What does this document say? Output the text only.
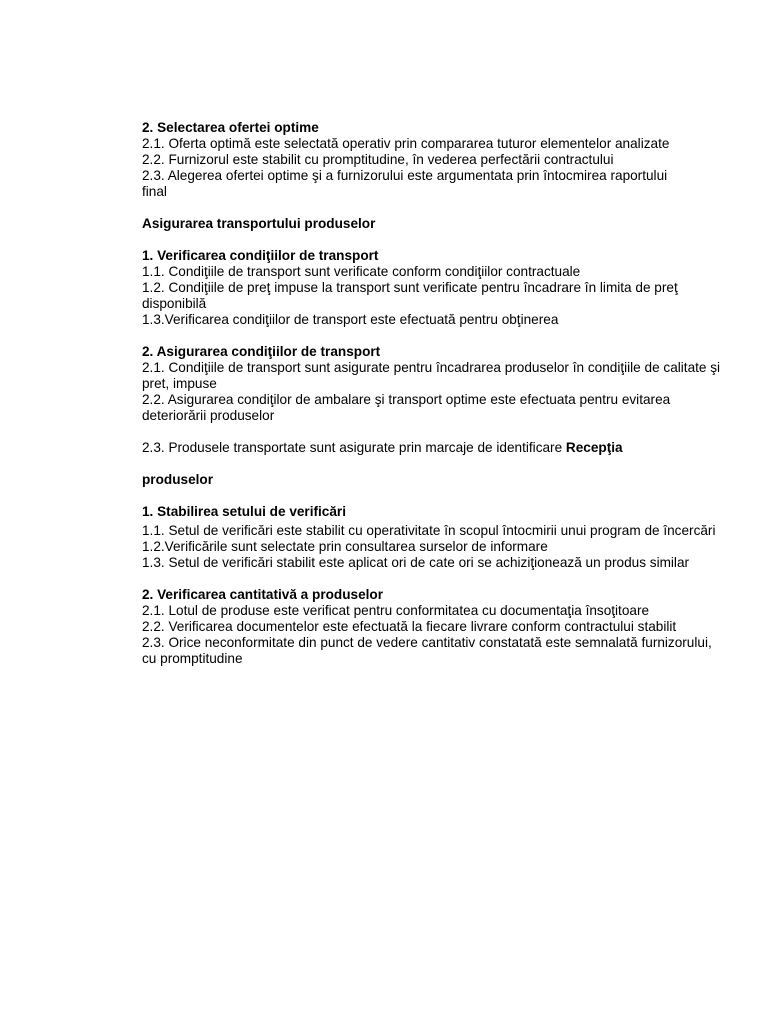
2. Selectarea ofertei optime

2.1. Oferta optimă este selectată operativ prin compararea tuturor elementelor analizate

2.2. Furnizorul este stabilit cu promptitudine, în vederea perfectării contractului

2.3. Alegerea ofertei optime şi a furnizorului este argumentata prin întocmirea raportului final

Asigurarea transportului produselor

1. Verificarea condiţiilor de transport

1.1. Condiţiile de transport sunt verificate conform condiţiilor contractuale

1.2. Condiţiile de preţ impuse la transport sunt verificate pentru încadrare în limita de preţ disponibilă

1.3.Verificarea condiţiilor de transport este efectuată pentru obţinerea

2. Asigurarea condiţiilor de transport

2.1. Condiţiile de transport sunt asigurate pentru încadrarea produselor în condiţiile de calitate şi pret, impuse

2.2. Asigurarea condiţilor de ambalare şi transport optime este efectuata pentru evitarea deteriorării produselor

2.3. Produsele transportate sunt asigurate prin marcaje de identificare Recepţia

produselor

1. Stabilirea setului de verificări

1.1. Setul de verificări este stabilit cu operativitate în scopul întocmirii unui program de încercări

1.2.Verificările sunt selectate prin consultarea surselor de informare

1.3. Setul de verificări stabilit este aplicat ori de cate ori se achiziţionează un produs similar

2. Verificarea cantitativă a produselor

2.1. Lotul de produse este verificat pentru conformitatea cu documentaţia însoţitoare

2.2. Verificarea documentelor este efectuată la fiecare livrare conform contractului stabilit

2.3. Orice neconformitate din punct de vedere cantitativ constatată este semnalată furnizorului, cu promptitudine
